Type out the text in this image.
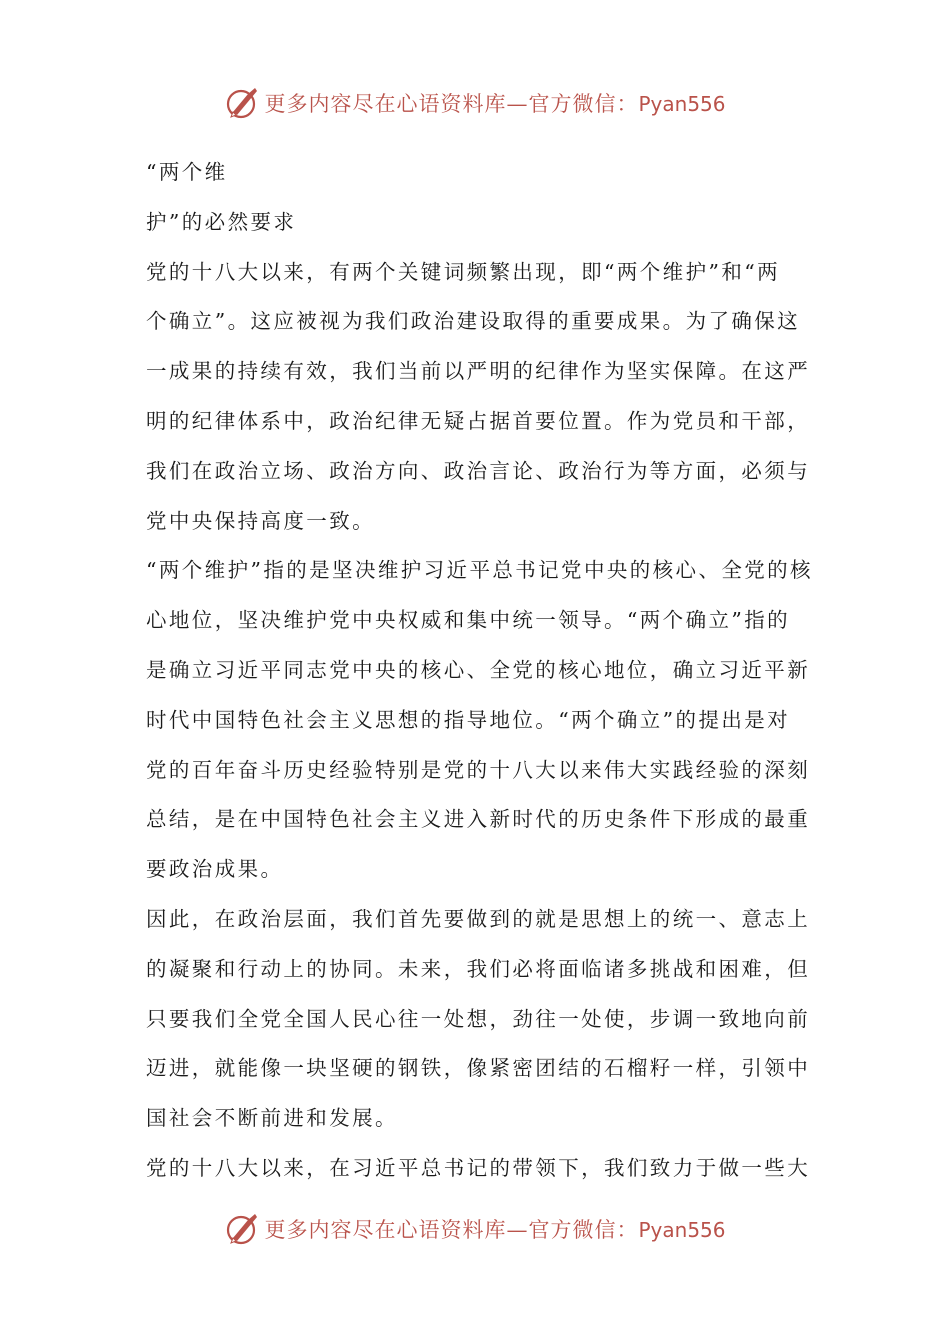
更多内容尽在心语资料库—官方微信：Pyan556
“两个维
护”的必然要求
党的十八大以来，有两个关键词频繁出现，即“两个维护”和“两
个确立”。这应被视为我们政治建设取得的重要成果。为了确保这
一成果的持续有效，我们当前以严明的纪律作为坚实保障。在这严
明的纪律体系中，政治纪律无疑占据首要位置。作为党员和干部，
我们在政治立场、政治方向、政治言论、政治行为等方面，必须与
党中央保持高度一致。
“两个维护”指的是坚决维护习近平总书记党中央的核心、全党的核
心地位，坚决维护党中央权威和集中统一领导。“两个确立”指的
是确立习近平同志党中央的核心、全党的核心地位，确立习近平新
时代中国特色社会主义思想的指导地位。“两个确立”的提出是对
党的百年奋斗历史经验特别是党的十八大以来伟大实践经验的深刻
总结，是在中国特色社会主义进入新时代的历史条件下形成的最重
要政治成果。
因此，在政治层面，我们首先要做到的就是思想上的统一、意志上
的凝聚和行动上的协同。未来，我们必将面临诸多挑战和困难，但
只要我们全党全国人民心往一处想，劲往一处使，步调一致地向前
迈进，就能像一块坚硬的钢铁，像紧密团结的石榴籽一样，引领中
国社会不断前进和发展。
党的十八大以来，在习近平总书记的带领下，我们致力于做一些大
更多内容尽在心语资料库—官方微信：Pyan556
